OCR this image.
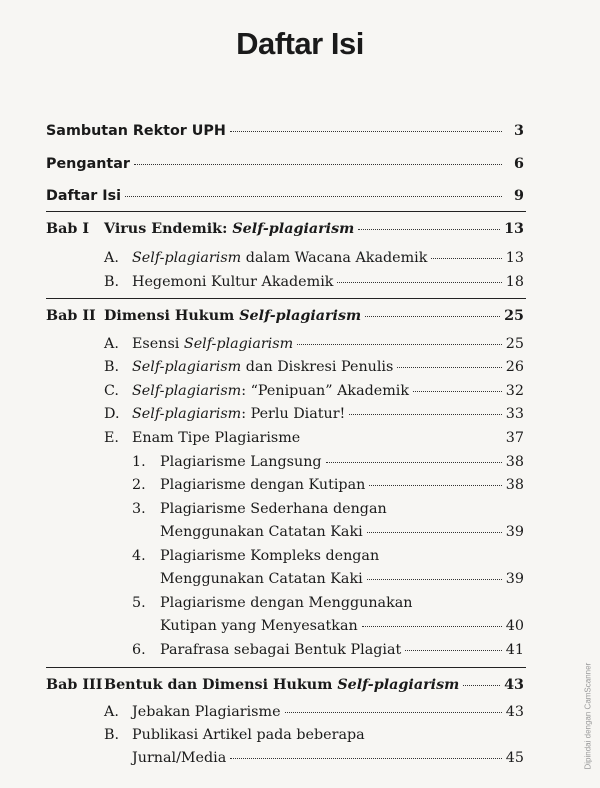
Daftar Isi
Sambutan Rektor UPH	3
Pengantar	6
Daftar Isi	9
Bab I Virus Endemik: Self-plagiarism	13
A. Self-plagiarism dalam Wacana Akademik	13
B. Hegemoni Kultur Akademik	18
Bab II Dimensi Hukum Self-plagiarism	25
A. Esensi Self-plagiarism	25
B. Self-plagiarism dan Diskresi Penulis	26
C. Self-plagiarism: “Penipuan” Akademik	32
D. Self-plagiarism: Perlu Diatur!	33
E. Enam Tipe Plagiarisme	37
1. Plagiarisme Langsung	38
2. Plagiarisme dengan Kutipan	38
3. Plagiarisme Sederhana dengan
Menggunakan Catatan Kaki	39
4. Plagiarisme Kompleks dengan
Menggunakan Catatan Kaki	39
5. Plagiarisme dengan Menggunakan
Kutipan yang Menyesatkan	40
6. Parafrasa sebagai Bentuk Plagiat	41
Bab III Bentuk dan Dimensi Hukum Self-plagiarism	43
A. Jebakan Plagiarisme	43
B. Publikasi Artikel pada beberapa
Jurnal/Media	45	Dipindai dengan CamScanner
